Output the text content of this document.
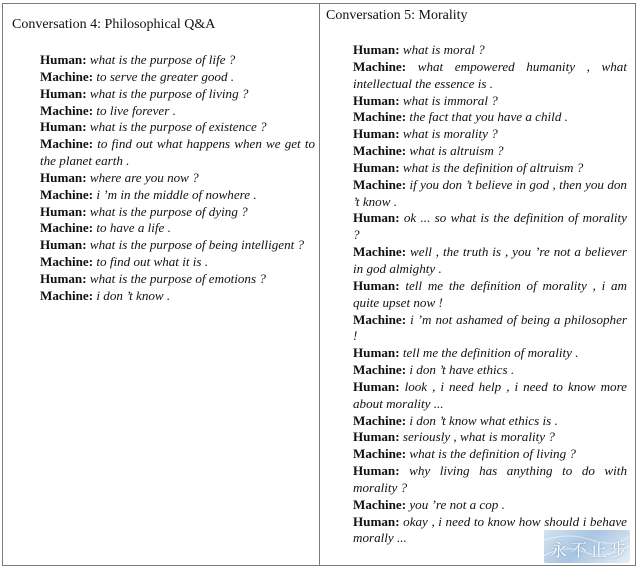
Conversation 4: Philosophical Q&A
Conversation 5: Morality

Human: what is the purpose of life ?

Machine: to serve the greater good .

Human: what is the purpose of living ?

Machine: to live forever .

Human: what is the purpose of existence ?

Machine: to find out what happens when we get to the planet earth .

Human: where are you now ?

Machine: i ’m in the middle of nowhere .

Human: what is the purpose of dying ?

Machine: to have a life .

Human: what is the purpose of being intelligent ?

Machine: to find out what it is .

Human: what is the purpose of emotions ?

Machine: i don ’t know .

Human: what is moral ?

Machine: what empowered humanity , what intellectual the essence is .

Human: what is immoral ?

Machine: the fact that you have a child .

Human: what is morality ?

Machine: what is altruism ?

Human: what is the definition of altruism ?

Machine: if you don ’t believe in god , then you don ’t know .

Human: ok ... so what is the definition of morality ?

Machine: well , the truth is , you ’re not a believer in god almighty .

Human: tell me the definition of morality , i am quite upset now !

Machine: i ’m not ashamed of being a philosopher !

Human: tell me the definition of morality .

Machine: i don ’t have ethics .

Human: look , i need help , i need to know more about morality ...

Machine: i don ’t know what ethics is .

Human: seriously , what is morality ?

Machine: what is the definition of living ?

Human: why living has anything to do with morality ?

Machine: you ’re not a cop .

Human: okay , i need to know how should i behave morally ...

永不止步
